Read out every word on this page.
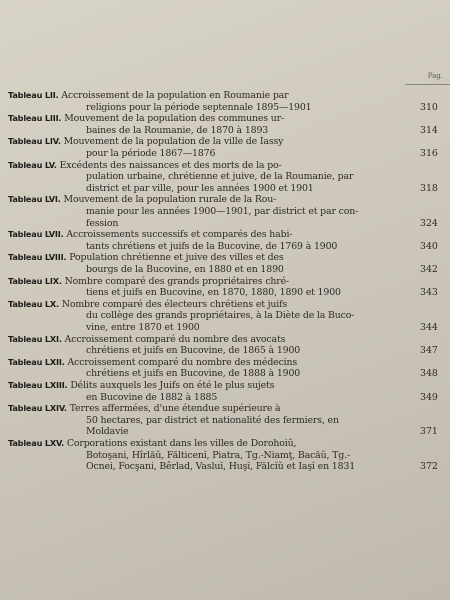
Pag.
Tableau LII. Accroissement de la population en Roumanie par
religions pour la période septennale 1895—1901	310
Tableau LIII. Mouvement de la population des communes ur-
baines de la Roumanie, de 1870 à 1893	314
Tableau LIV. Mouvement de la population de la ville de Iassy
pour la période 1867—1876	316
Tableau LV. Excédents des naissances et des morts de la po-
pulation urbaine, chrétienne et juive, de la Roumanie, par
district et par ville, pour les années 1900 et 1901	318
Tableau LVI. Mouvement de la population rurale de la Rou-
manie pour les années 1900—1901, par district et par con-
fession	324
Tableau LVII. Accroissements successifs et comparés des habi-
tants chrétiens et juifs de la Bucovine, de 1769 à 1900	340
Tableau LVIII. Population chrétienne et juive des villes et des
bourgs de la Bucovine, en 1880 et en 1890	342
Tableau LIX. Nombre comparé des grands propriétaires chré-
tiens et juifs en Bucovine, en 1870, 1880, 1890 et 1900	343
Tableau LX. Nombre comparé des électeurs chrétiens et juifs
du collège des grands propriétaires, à la Diète de la Buco-
vine, entre 1870 et 1900	344
Tableau LXI. Accroissement comparé du nombre des avocats
chrétiens et juifs en Bucovine, de 1865 à 1900	347
Tableau LXII. Accroissement comparé du nombre des médecins
chrétiens et juifs en Bucovine, de 1888 à 1900	348
Tableau LXIII. Délits auxquels les Juifs on été le plus sujets
en Bucovine de 1882 à 1885	349
Tableau LXIV. Terres affermées, d'une étendue supérieure à
50 hectares, par district et nationalité des fermiers, en
Moldavie	371
Tableau LXV. Corporations existant dans les villes de Dorohoiŭ,
Botoşani, Hîrlăŭ, Fălticenĭ, Piatra, Tg.-Niamţ, Bacăŭ, Tg.-
Ocnei, Focşani, Bêrlad, Vasluĭ, Huşĭ, Fălcĭŭ et Iaşĭ en 1831	372
